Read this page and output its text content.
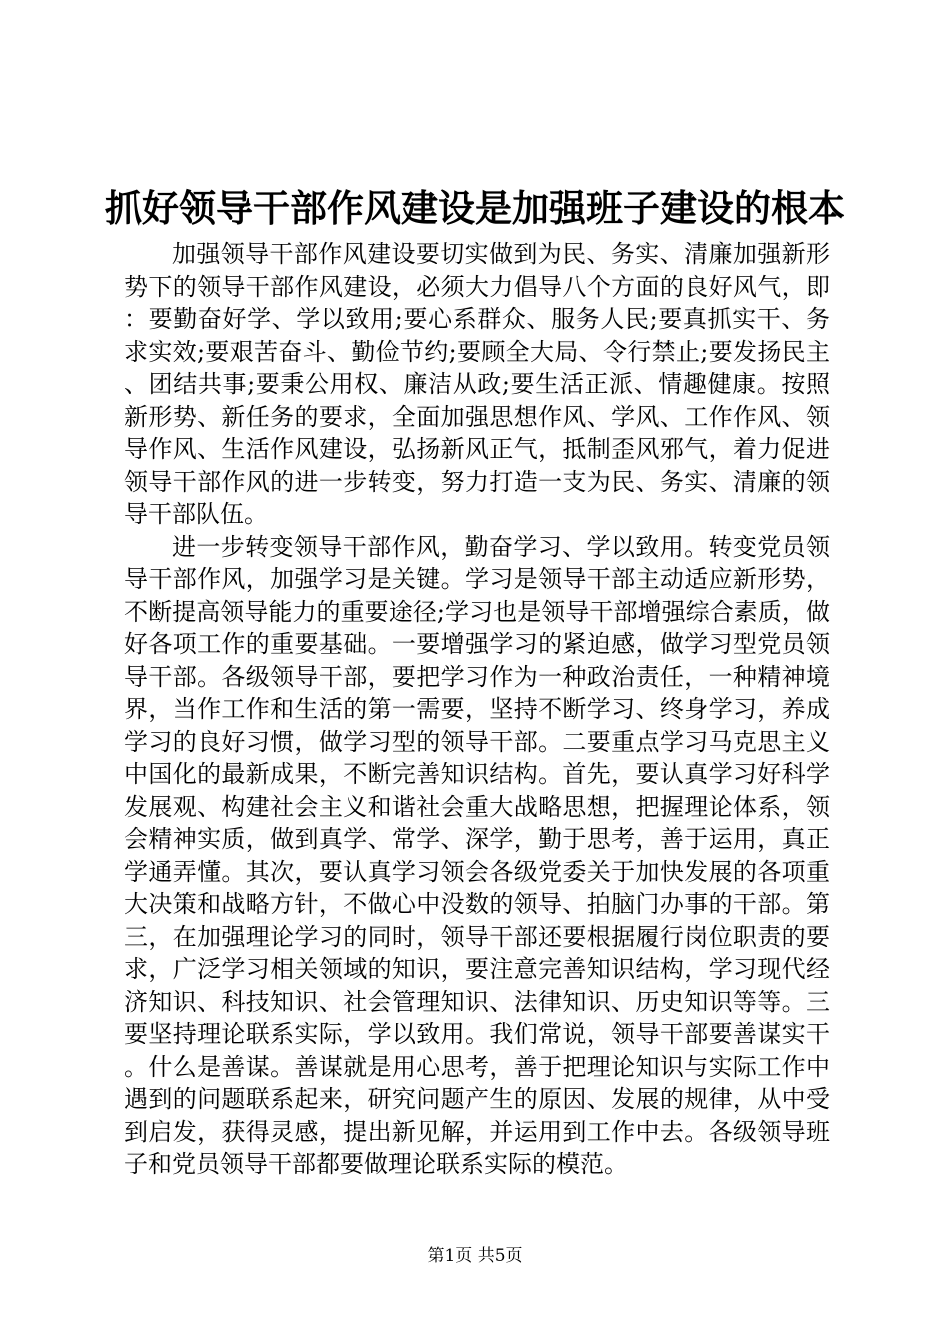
抓好领导干部作风建设是加强班子建设的根本

加强领导干部作风建设要切实做到为民、务实、清廉加强新形势下的领导干部作风建设，必须大力倡导八个方面的良好风气，即：要勤奋好学、学以致用;要心系群众、服务人民;要真抓实干、务求实效;要艰苦奋斗、勤俭节约;要顾全大局、令行禁止;要发扬民主、团结共事;要秉公用权、廉洁从政;要生活正派、情趣健康。按照新形势、新任务的要求，全面加强思想作风、学风、工作作风、领导作风、生活作风建设，弘扬新风正气，抵制歪风邪气，着力促进领导干部作风的进一步转变，努力打造一支为民、务实、清廉的领导干部队伍。

进一步转变领导干部作风，勤奋学习、学以致用。转变党员领导干部作风，加强学习是关键。学习是领导干部主动适应新形势，不断提高领导能力的重要途径;学习也是领导干部增强综合素质，做好各项工作的重要基础。一要增强学习的紧迫感，做学习型党员领导干部。各级领导干部，要把学习作为一种政治责任，一种精神境界，当作工作和生活的第一需要，坚持不断学习、终身学习，养成学习的良好习惯，做学习型的领导干部。二要重点学习马克思主义中国化的最新成果，不断完善知识结构。首先，要认真学习好科学发展观、构建社会主义和谐社会重大战略思想，把握理论体系，领会精神实质，做到真学、常学、深学，勤于思考，善于运用，真正学通弄懂。其次，要认真学习领会各级党委关于加快发展的各项重大决策和战略方针，不做心中没数的领导、拍脑门办事的干部。第三，在加强理论学习的同时，领导干部还要根据履行岗位职责的要求，广泛学习相关领域的知识，要注意完善知识结构，学习现代经济知识、科技知识、社会管理知识、法律知识、历史知识等等。三要坚持理论联系实际，学以致用。我们常说，领导干部要善谋实干。什么是善谋。善谋就是用心思考，善于把理论知识与实际工作中遇到的问题联系起来，研究问题产生的原因、发展的规律，从中受到启发，获得灵感，提出新见解，并运用到工作中去。各级领导班子和党员领导干部都要做理论联系实际的模范。

第1页 共5页
